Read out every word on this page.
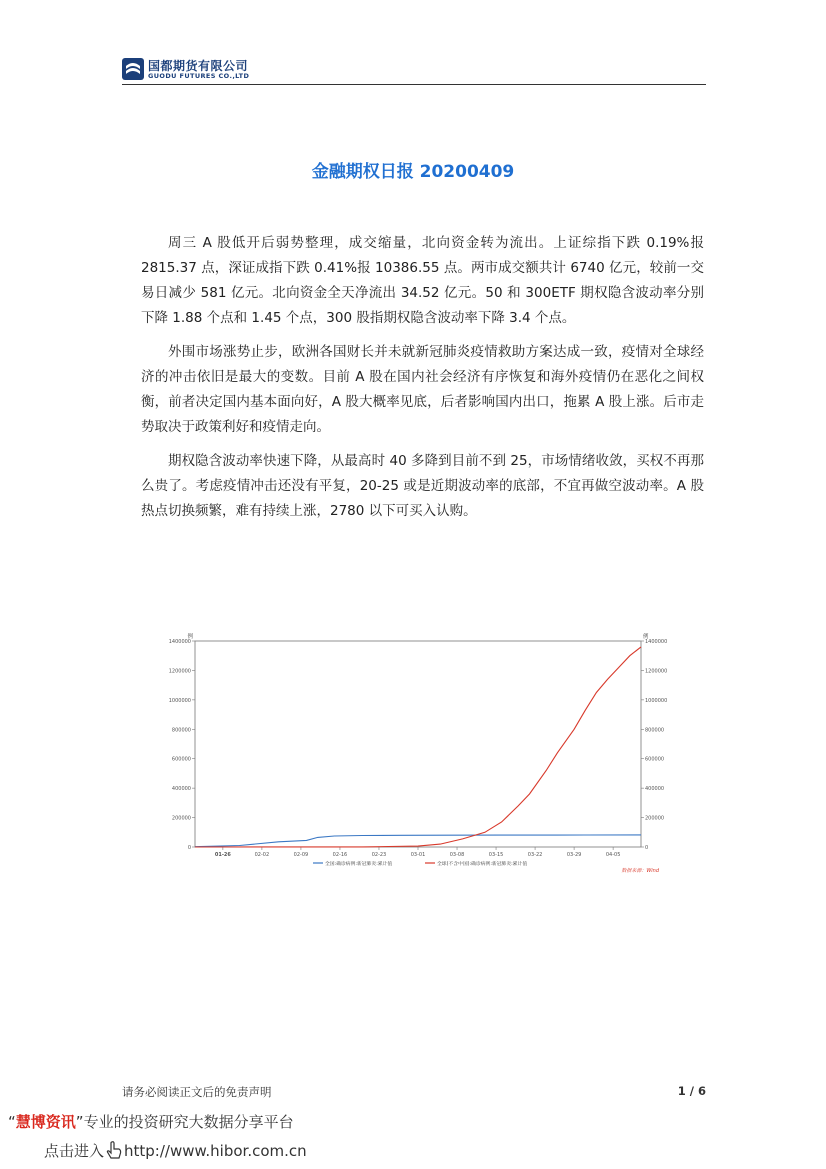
国都期货有限公司
GUODU FUTURES CO.,LTD
金融期权日报 20200409

周三 A 股低开后弱势整理，成交缩量，北向资金转为流出。上证综指下跌 0.19%报 2815.37 点，深证成指下跌 0.41%报 10386.55 点。两市成交额共计 6740 亿元，较前一交易日减少 581 亿元。北向资金全天净流出 34.52 亿元。50 和 300ETF 期权隐含波动率分别下降 1.88 个点和 1.45 个点，300 股指期权隐含波动率下降 3.4 个点。

外围市场涨势止步，欧洲各国财长并未就新冠肺炎疫情救助方案达成一致，疫情对全球经济的冲击依旧是最大的变数。目前 A 股在国内社会经济有序恢复和海外疫情仍在恶化之间权衡，前者决定国内基本面向好，A 股大概率见底，后者影响国内出口，拖累 A 股上涨。后市走势取决于政策利好和疫情走向。

期权隐含波动率快速下降，从最高时 40 多降到目前不到 25，市场情绪收敛，买权不再那么贵了。考虑疫情冲击还没有平复，20-25 或是近期波动率的底部，不宜再做空波动率。A 股热点切换频繁，难有持续上涨，2780 以下可买入认购。

1400000
1200000
1000000
800000
600000
400000
200000
0
1400000
1200000
1000000
800000
600000
400000
200000
0
例	例
01-26	02-02	02-09	02-16	02-23	03-01	03-08	03-15	03-22	03-29	04-05
全国:确诊病例:新冠肺炎:累计值	全球(不含中国):确诊病例:新冠肺炎:累计值
数据来源：Wind
请务必阅读正文后的免责声明	1 / 6
“慧博资讯”专业的投资研究大数据分享平台
点击进入 http://www.hibor.com.cn
